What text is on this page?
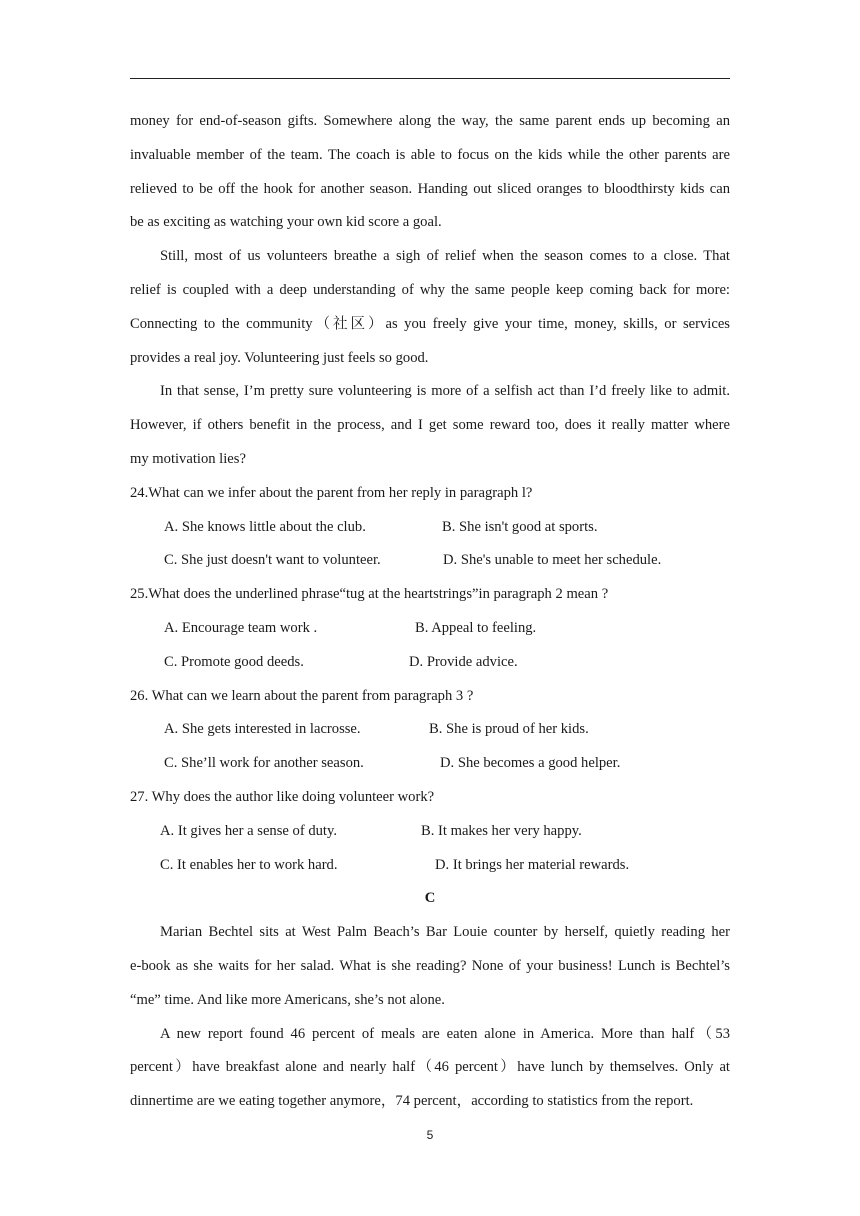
money for end-of-season gifts. Somewhere along the way, the same parent ends up becoming an
invaluable member of the team. The coach is able to focus on the kids while the other parents are
relieved to be off the hook for another season. Handing out sliced oranges to bloodthirsty kids can
be as exciting as watching your own kid score a goal.
Still, most of us volunteers breathe a sigh of relief when the season comes to a close. That
relief is coupled with a deep understanding of why the same people keep coming back for more:
Connecting to the community（社区）as you freely give your time, money, skills, or services
provides a real joy. Volunteering just feels so good.
In that sense, I’m pretty sure volunteering is more of a selfish act than I’d freely like to admit.
However, if others benefit in the process, and I get some reward too, does it really matter where
my motivation lies?
24.What can we infer about the parent from her reply in paragraph l?
A. She knows little about the club.	B. She isn't good at sports.
C. She just doesn't want to volunteer.	D. She's unable to meet her schedule.
25.What does the underlined phrase“tug at the heartstrings”in paragraph 2 mean ?
A. Encourage team work .	B. Appeal to feeling.
C. Promote good deeds.	D. Provide advice.
26. What can we learn about the parent from paragraph 3 ?
A. She gets interested in lacrosse.	B. She is proud of her kids.
C. She’ll work for another season.	D. She becomes a good helper.
27. Why does the author like doing volunteer work?
A. It gives her a sense of duty.	B. It makes her very happy.
C. It enables her to work hard.	D. It brings her material rewards.
C
Marian Bechtel sits at West Palm Beach’s Bar Louie counter by herself, quietly reading her
e-book as she waits for her salad. What is she reading? None of your business! Lunch is Bechtel’s
“me” time. And like more Americans, she’s not alone.
A new report found 46 percent of meals are eaten alone in America. More than half（53
percent）have breakfast alone and nearly half（46 percent）have lunch by themselves. Only at
dinnertime are we eating together anymore，74 percent，according to statistics from the report.
5
